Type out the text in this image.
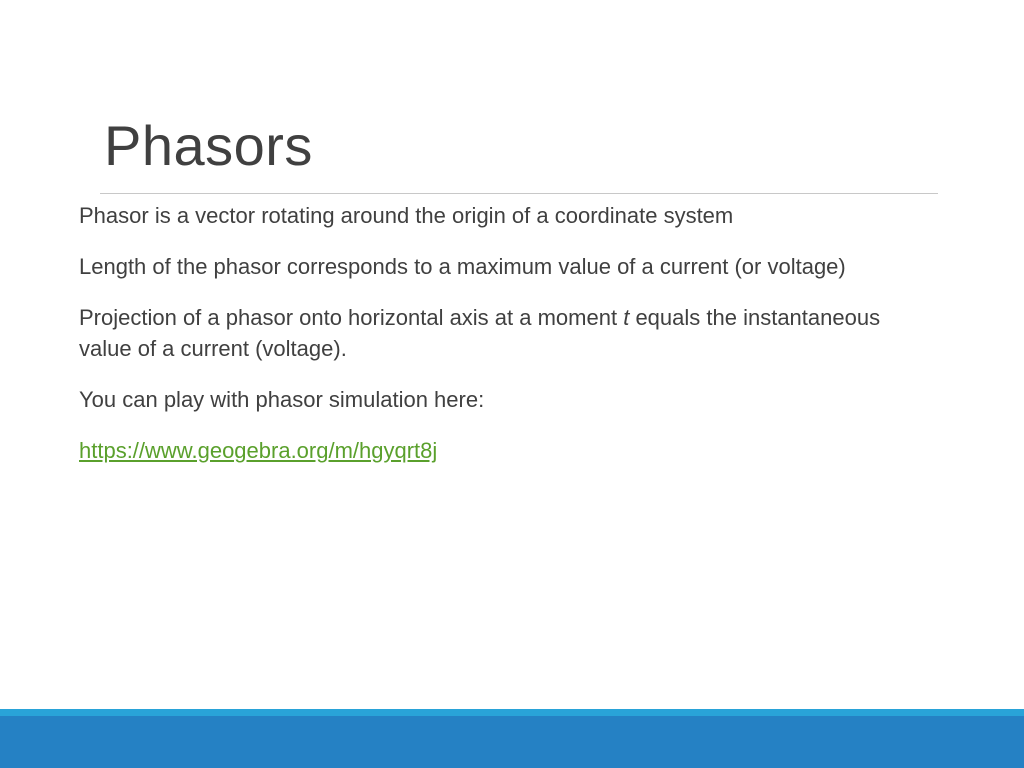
Phasors

Phasor is a vector rotating around the origin of a coordinate system

Length of the phasor corresponds to a maximum value of a current (or voltage)

Projection of a phasor onto horizontal axis at a moment t equals the instantaneous value of a current (voltage).

You can play with phasor simulation here:

https://www.geogebra.org/m/hgyqrt8j
